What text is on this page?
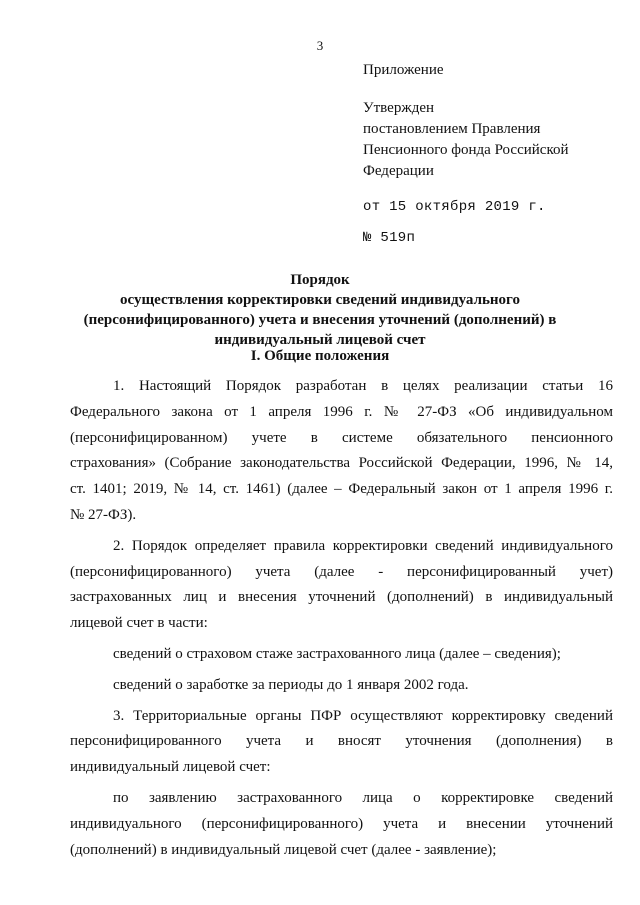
3
Приложение
Утвержден
постановлением Правления
Пенсионного фонда Российской
Федерации
от 15 октября 2019 г.
№ 519п
Порядок
осуществления корректировки сведений индивидуального
(персонифицированного) учета и внесения уточнений (дополнений) в
индивидуальный лицевой счет
I. Общие положения
1. Настоящий Порядок разработан в целях реализации статьи 16
Федерального закона от 1 апреля 1996 г. № 27-ФЗ «Об индивидуальном
(персонифицированном) учете в системе обязательного пенсионного
страхования» (Собрание законодательства Российской Федерации, 1996, № 14,
ст. 1401; 2019, № 14, ст. 1461) (далее – Федеральный закон от 1 апреля 1996 г.
№ 27-ФЗ).
2. Порядок определяет правила корректировки сведений индивидуального
(персонифицированного) учета (далее - персонифицированный учет)
застрахованных лиц и внесения уточнений (дополнений) в индивидуальный
лицевой счет в части:
сведений о страховом стаже застрахованного лица (далее – сведения);
сведений о заработке за периоды до 1 января 2002 года.
3. Территориальные органы ПФР осуществляют корректировку сведений
персонифицированного учета и вносят уточнения (дополнения) в
индивидуальный лицевой счет:
по заявлению застрахованного лица о корректировке сведений
индивидуального (персонифицированного) учета и внесении уточнений
(дополнений) в индивидуальный лицевой счет (далее - заявление);
